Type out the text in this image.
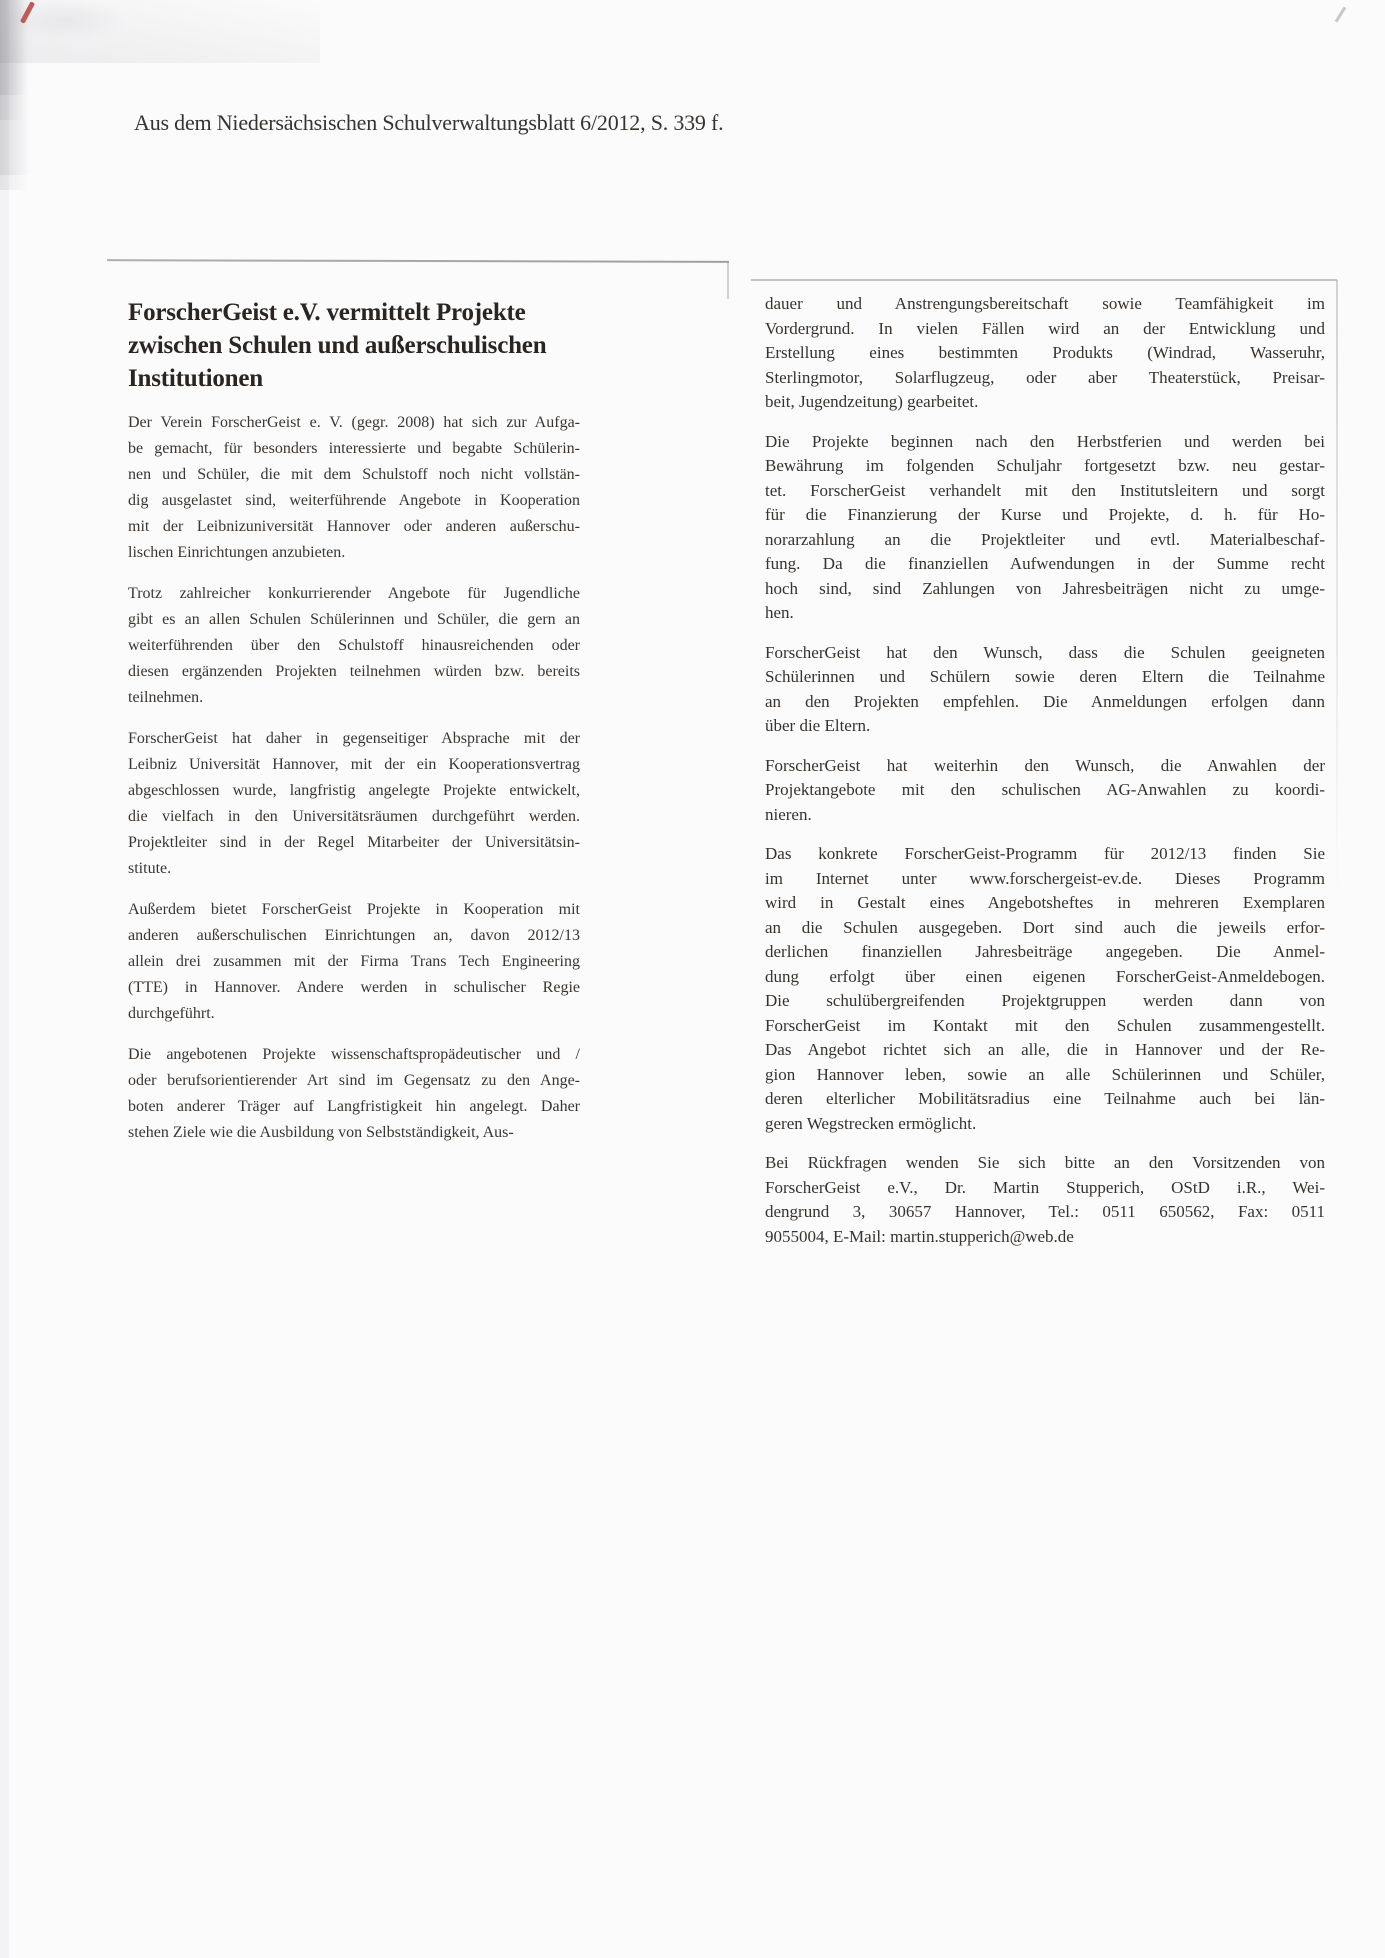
Aus dem Niedersächsischen Schulverwaltungsblatt 6/2012, S. 339 f.
ForscherGeist e.V. vermittelt Projekte
zwischen Schulen und außerschulischen
Institutionen
Der Verein ForscherGeist e. V. (gegr. 2008) hat sich zur Aufga-
be gemacht, für besonders interessierte und begabte Schülerin-
nen und Schüler, die mit dem Schulstoff noch nicht vollstän-
dig ausgelastet sind, weiterführende Angebote in Kooperation
mit der Leibnizuniversität Hannover oder anderen außerschu-
lischen Einrichtungen anzubieten.
Trotz zahlreicher konkurrierender Angebote für Jugendliche
gibt es an allen Schulen Schülerinnen und Schüler, die gern an
weiterführenden über den Schulstoff hinausreichenden oder
diesen ergänzenden Projekten teilnehmen würden bzw. bereits
teilnehmen.
ForscherGeist hat daher in gegenseitiger Absprache mit der
Leibniz Universität Hannover, mit der ein Kooperationsvertrag
abgeschlossen wurde, langfristig angelegte Projekte entwickelt,
die vielfach in den Universitätsräumen durchgeführt werden.
Projektleiter sind in der Regel Mitarbeiter der Universitätsin-
stitute.
Außerdem bietet ForscherGeist Projekte in Kooperation mit
anderen außerschulischen Einrichtungen an, davon 2012/13
allein drei zusammen mit der Firma Trans Tech Engineering
(TTE) in Hannover. Andere werden in schulischer Regie
durchgeführt.
Die angebotenen Projekte wissenschaftspropädeutischer und /
oder berufsorientierender Art sind im Gegensatz zu den Ange-
boten anderer Träger auf Langfristigkeit hin angelegt. Daher
stehen Ziele wie die Ausbildung von Selbstständigkeit, Aus-
dauer und Anstrengungsbereitschaft sowie Teamfähigkeit im
Vordergrund. In vielen Fällen wird an der Entwicklung und
Erstellung eines bestimmten Produkts (Windrad, Wasseruhr,
Sterlingmotor, Solarflugzeug, oder aber Theaterstück, Preisar-
beit, Jugendzeitung) gearbeitet.
Die Projekte beginnen nach den Herbstferien und werden bei
Bewährung im folgenden Schuljahr fortgesetzt bzw. neu gestar-
tet. ForscherGeist verhandelt mit den Institutsleitern und sorgt
für die Finanzierung der Kurse und Projekte, d. h. für Ho-
norarzahlung an die Projektleiter und evtl. Materialbeschaf-
fung. Da die finanziellen Aufwendungen in der Summe recht
hoch sind, sind Zahlungen von Jahresbeiträgen nicht zu umge-
hen.
ForscherGeist hat den Wunsch, dass die Schulen geeigneten
Schülerinnen und Schülern sowie deren Eltern die Teilnahme
an den Projekten empfehlen. Die Anmeldungen erfolgen dann
über die Eltern.
ForscherGeist hat weiterhin den Wunsch, die Anwahlen der
Projektangebote mit den schulischen AG-Anwahlen zu koordi-
nieren.
Das konkrete ForscherGeist-Programm für 2012/13 finden Sie
im Internet unter www.forschergeist-ev.de. Dieses Programm
wird in Gestalt eines Angebotsheftes in mehreren Exemplaren
an die Schulen ausgegeben. Dort sind auch die jeweils erfor-
derlichen finanziellen Jahresbeiträge angegeben. Die Anmel-
dung erfolgt über einen eigenen ForscherGeist-Anmeldebogen.
Die schulübergreifenden Projektgruppen werden dann von
ForscherGeist im Kontakt mit den Schulen zusammengestellt.
Das Angebot richtet sich an alle, die in Hannover und der Re-
gion Hannover leben, sowie an alle Schülerinnen und Schüler,
deren elterlicher Mobilitätsradius eine Teilnahme auch bei län-
geren Wegstrecken ermöglicht.
Bei Rückfragen wenden Sie sich bitte an den Vorsitzenden von
ForscherGeist e.V., Dr. Martin Stupperich, OStD i.R., Wei-
dengrund 3, 30657 Hannover, Tel.: 0511 650562, Fax: 0511
9055004, E-Mail: martin.stupperich@web.de
